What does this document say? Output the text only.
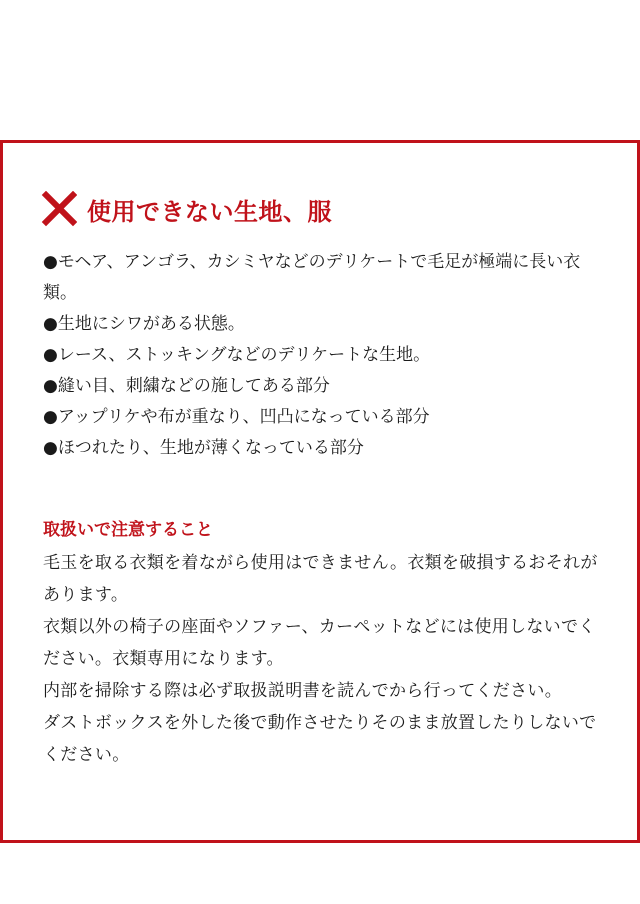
使用できない生地、服
●モヘア、アンゴラ、カシミヤなどのデリケートで毛足が極端に長い衣類。
●生地にシワがある状態。
●レース、ストッキングなどのデリケートな生地。
●縫い目、刺繍などの施してある部分
●アップリケや布が重なり、凹凸になっている部分
●ほつれたり、生地が薄くなっている部分
取扱いで注意すること

毛玉を取る衣類を着ながら使用はできません。衣類を破損するおそれがあります。

衣類以外の椅子の座面やソファー、カーペットなどには使用しないでください。衣類専用になります。

内部を掃除する際は必ず取扱説明書を読んでから行ってください。

ダストボックスを外した後で動作させたりそのまま放置したりしないでください。
